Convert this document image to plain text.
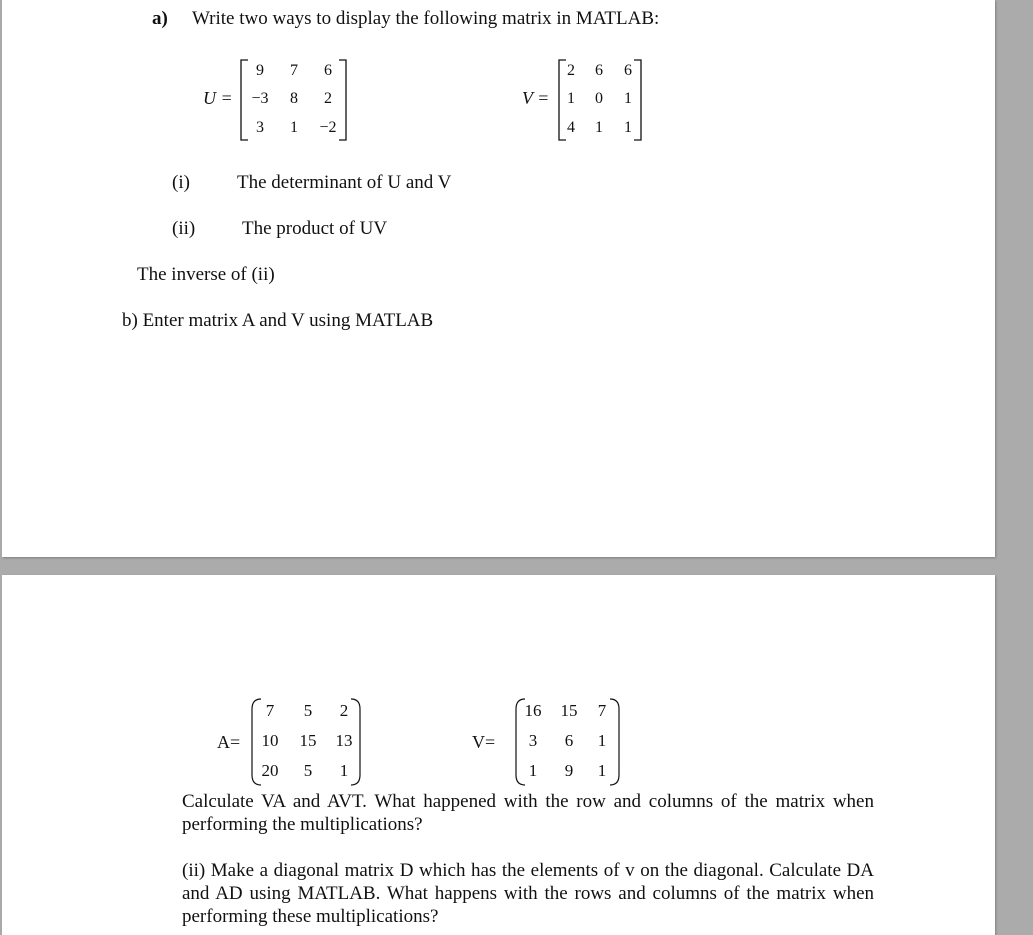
a) Write two ways to display the following matrix in MATLAB:
U =
9	7	6
−3	8	2
3	1	−2
V =
2	6	6
1	0	1
4	1	1
(i) The determinant of U and V
(ii) The product of UV
The inverse of (ii)
b) Enter matrix A and V using MATLAB
A=
7	5	2
10	15	13
20	5	1
V=
16	15	7
3	6	1
1	9	1
Calculate VA and AVT. What happened with the row and columns of the matrix when performing the multiplications?
(ii) Make a diagonal matrix D which has the elements of v on the diagonal. Calculate DA and AD using MATLAB. What happens with the rows and columns of the matrix when performing these multiplications?
